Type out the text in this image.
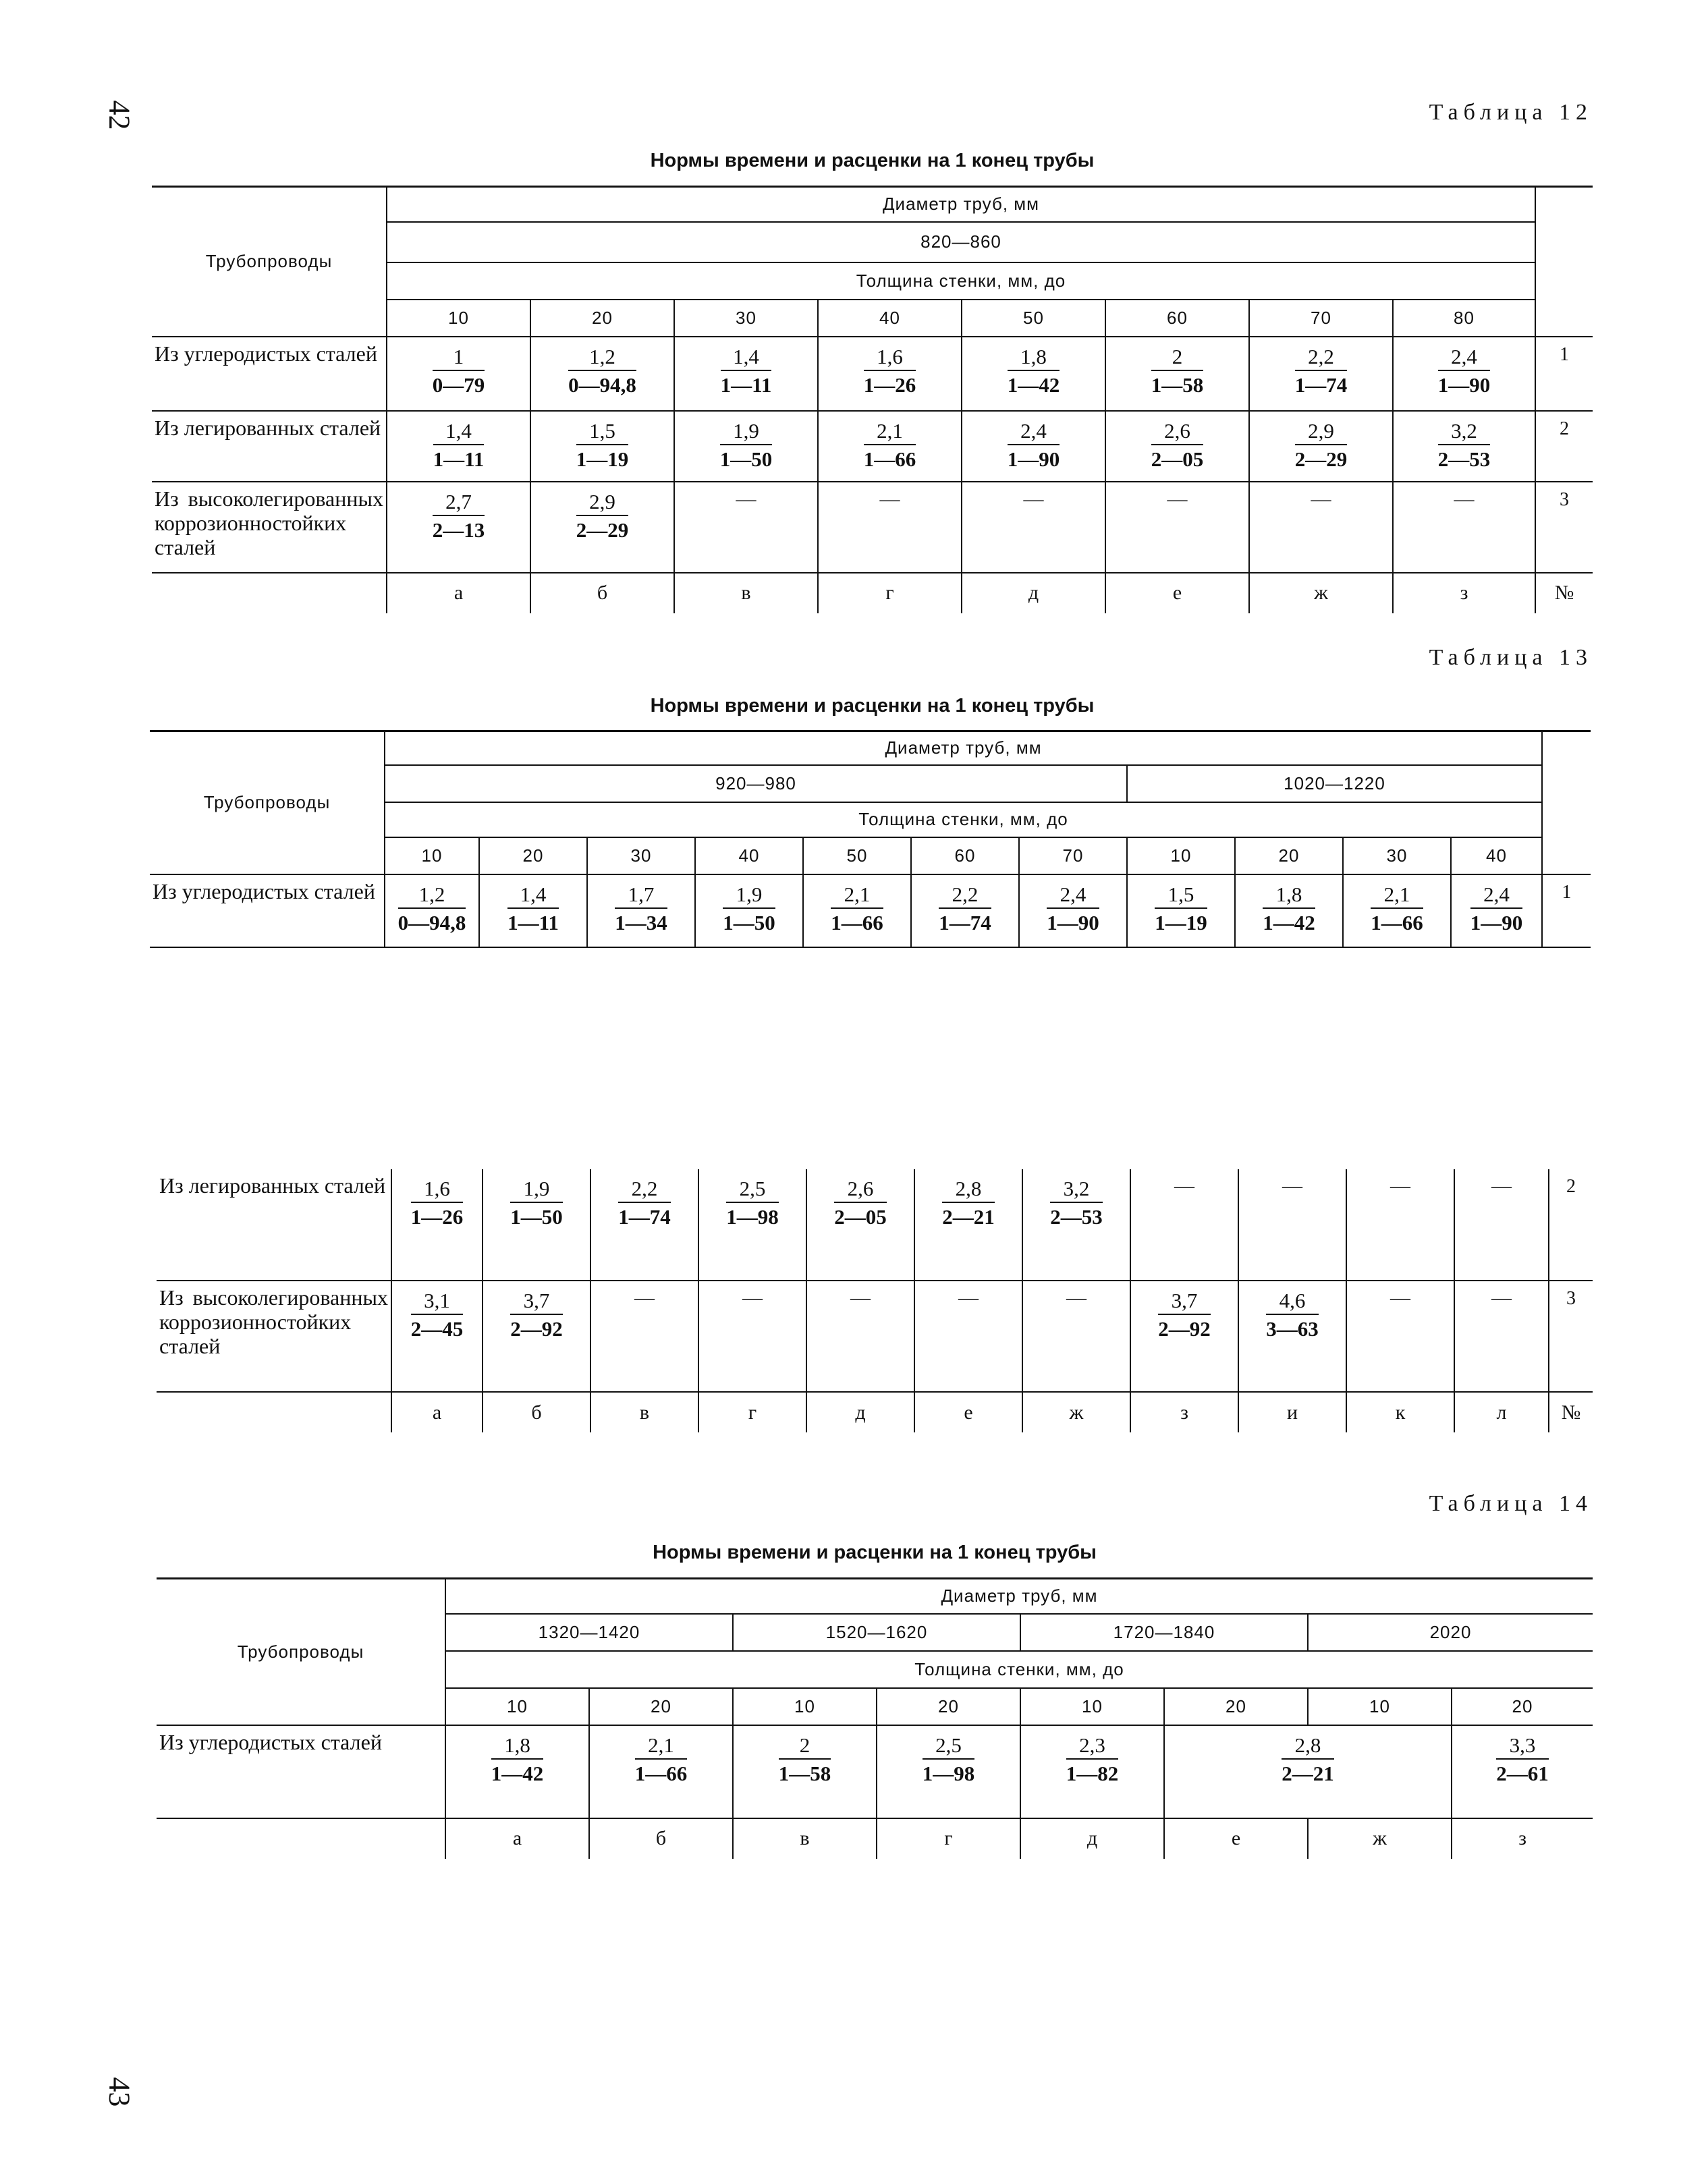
42
43
Таблица 12
Нормы времени и расценки на 1 конец трубы
Трубопроводы	Диаметр труб, мм								
	820—860								
	Толщина стенки, мм, до								
	10	20	30	40	50	60	70	80	
Из углеродистых сталей	$\frac{1}{0—79}$	$\frac{1,2}{0—94,8}$	$\frac{1,4}{1—11}$	$\frac{1,6}{1—26}$	$\frac{1,8}{1—42}$	$\frac{2}{1—58}$	$\frac{2,2}{1—74}$	$\frac{2,4}{1—90}$	1
Из легированных сталей	$\frac{1,4}{1—11}$	$\frac{1,5}{1—19}$	$\frac{1,9}{1—50}$	$\frac{2,1}{1—66}$	$\frac{2,4}{1—90}$	$\frac{2,6}{2—05}$	$\frac{2,9}{2—29}$	$\frac{3,2}{2—53}$	2
Из высоколегированных коррозионностойких сталей	$\frac{2,7}{2—13}$	$\frac{2,9}{2—29}$	—	—	—	—	—	—	3
	а	б	в	г	д	е	ж	з	№
Таблица 13
Нормы времени и расценки на 1 конец трубы
Трубопроводы	Диаметр труб, мм											
	920—980							1020—1220				
	Толщина стенки, мм, до											
	10	20	30	40	50	60	70	10	20	30	40	
Из углеродистых сталей	$\frac{1,2}{0—94,8}$	$\frac{1,4}{1—11}$	$\frac{1,7}{1—34}$	$\frac{1,9}{1—50}$	$\frac{2,1}{1—66}$	$\frac{2,2}{1—74}$	$\frac{2,4}{1—90}$	$\frac{1,5}{1—19}$	$\frac{1,8}{1—42}$	$\frac{2,1}{1—66}$	$\frac{2,4}{1—90}$	1
Из легированных сталей	$\frac{1,6}{1—26}$	$\frac{1,9}{1—50}$	$\frac{2,2}{1—74}$	$\frac{2,5}{1—98}$	$\frac{2,6}{2—05}$	$\frac{2,8}{2—21}$	$\frac{3,2}{2—53}$	—	—	—	—	2
Из высоколегированных коррозионностойких сталей	$\frac{3,1}{2—45}$	$\frac{3,7}{2—92}$	—	—	—	—	—	$\frac{3,7}{2—92}$	$\frac{4,6}{3—63}$	—	—	3
	а	б	в	г	д	е	ж	з	и	к	л	№
Таблица 14
Нормы времени и расценки на 1 конец трубы
Трубопроводы	Диаметр труб, мм							
	1320—1420		1520—1620		1720—1840		2020	
	Толщина стенки, мм, до							
	10	20	10	20	10	20	10	20
Из углеродистых сталей	$\frac{1,8}{1—42}$	$\frac{2,1}{1—66}$	$\frac{2}{1—58}$	$\frac{2,5}{1—98}$	$\frac{2,3}{1—82}$	$\frac{2,8}{2—21}$		$\frac{3,3}{2—61}$

	а	б	в	г	д	е	ж	з
